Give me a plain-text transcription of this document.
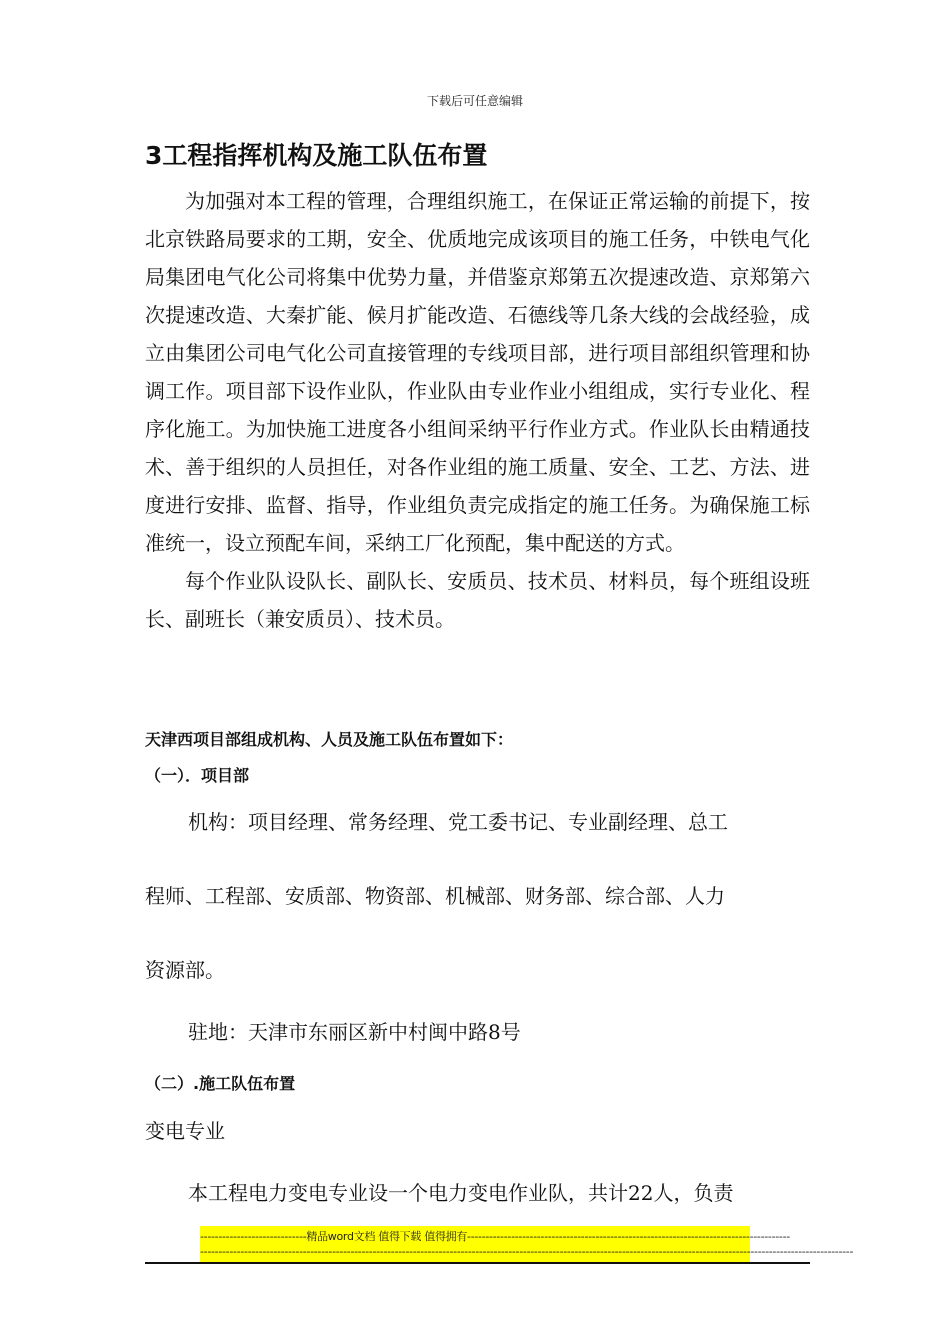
下载后可任意编辑
3工程指挥机构及施工队伍布置

为加强对本工程的管理，合理组织施工，在保证正常运输的前提下，按北京铁路局要求的工期，安全、优质地完成该项目的施工任务，中铁电气化局集团电气化公司将集中优势力量，并借鉴京郑第五次提速改造、京郑第六次提速改造、大秦扩能、候月扩能改造、石德线等几条大线的会战经验，成立由集团公司电气化公司直接管理的专线项目部，进行项目部组织管理和协调工作。项目部下设作业队，作业队由专业作业小组组成，实行专业化、程序化施工。为加快施工进度各小组间采纳平行作业方式。作业队长由精通技术、善于组织的人员担任，对各作业组的施工质量、安全、工艺、方法、进度进行安排、监督、指导，作业组负责完成指定的施工任务。为确保施工标准统一，设立预配车间，采纳工厂化预配，集中配送的方式。

每个作业队设队长、副队长、安质员、技术员、材料员，每个班组设班长、副班长（兼安质员）、技术员。

天津西项目部组成机构、人员及施工队伍布置如下：
（一）．项目部
机构：项目经理、常务经理、党工委书记、专业副经理、总工
程师、工程部、安质部、物资部、机械部、财务部、综合部、人力
资源部。
驻地：天津市东丽区新中村闽中路8号
（二）.施工队伍布置
变电专业
本工程电力变电专业设一个电力变电作业队，共计22人，负责
-----------------------------精品word文档 值得下载 值得拥有----------------------------------------------------------------------------------------
----------------------------------------------------------------------------------------------------------------------------------------------------------------------------------
